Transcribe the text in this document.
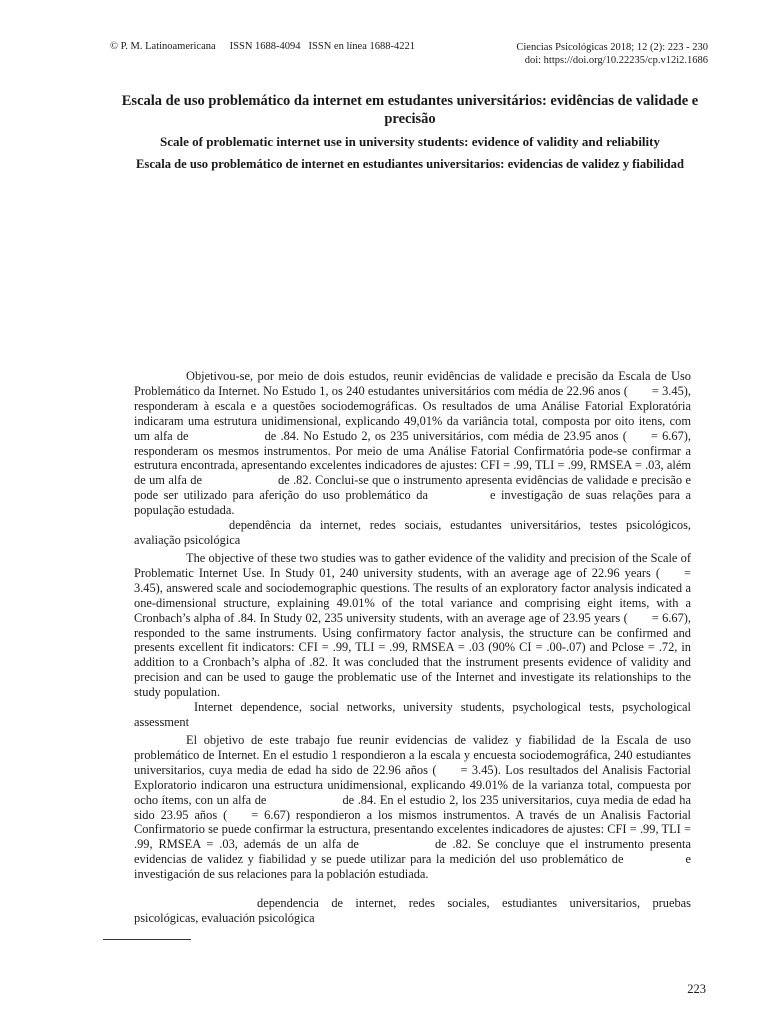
© P. M. Latinoamericana ISSN 1688-4094 ISSN en línea 1688-4221	Ciencias Psicológicas 2018; 12 (2): 223 - 230
doi: https://doi.org/10.22235/cp.v12i2.1686
Escala de uso problemático da internet em estudantes universitários: evidências de validade e precisão
Scale of problematic internet use in university students: evidence of validity and reliability
Escala de uso problemático de internet en estudiantes universitarios: evidencias de validez y fiabilidad

Objetivou-se, por meio de dois estudos, reunir evidências de validade e precisão da Escala de Uso Problemático da Internet. No Estudo 1, os 240 estudantes universitários com média de 22.96 anos ( = 3.45), responderam à escala e a questões sociodemográficas. Os resultados de uma Análise Fatorial Exploratória indicaram uma estrutura unidimensional, explicando 49,01% da variância total, composta por oito itens, com um alfa de	de .84. No Estudo 2, os 235 universitários, com média de 23.95 anos ( = 6.67), responderam os mesmos instrumentos. Por meio de uma Análise Fatorial Confirmatória pode-se confirmar a estrutura encontrada, apresentando excelentes indicadores de ajustes: CFI = .99, TLI = .99, RMSEA = .03, além de um alfa de	de .82. Conclui-se que o instrumento apresenta evidências de validade e precisão e pode ser utilizado para aferição do uso problemático da	e investigação de suas relações para a população estudada.

dependência da internet, redes sociais, estudantes universitários, testes psicológicos, avaliação psicológica

The objective of these two studies was to gather evidence of the validity and precision of the Scale of Problematic Internet Use. In Study 01, 240 university students, with an average age of 22.96 years ( = 3.45), answered scale and sociodemographic questions. The results of an exploratory factor analysis indicated a one-dimensional structure, explaining 49.01% of the total variance and comprising eight items, with a Cronbach’s alpha of .84. In Study 02, 235 university students, with an average age of 23.95 years ( = 6.67), responded to the same instruments. Using confirmatory factor analysis, the structure can be confirmed and presents excellent fit indicators: CFI = .99, TLI = .99, RMSEA = .03 (90% CI = .00-.07) and Pclose = .72, in addition to a Cronbach’s alpha of .82. It was concluded that the instrument presents evidence of validity and precision and can be used to gauge the problematic use of the Internet and investigate its relationships to the study population.

Internet dependence, social networks, university students, psychological tests, psychological assessment

El objetivo de este trabajo fue reunir evidencias de validez y fiabilidad de la Escala de uso problemático de Internet. En el estudio 1 respondieron a la escala y encuesta sociodemográfica, 240 estudiantes universitarios, cuya media de edad ha sido de 22.96 años ( = 3.45). Los resultados del Analisis Factorial Exploratorio indicaron una estructura unidimensional, explicando 49.01% de la varianza total, compuesta por ocho ítems, con un alfa de	de .84. En el estudio 2, los 235 universitarios, cuya media de edad ha sido 23.95 años ( = 6.67) respondieron a los mismos instrumentos. A través de un Analisis Factorial Confirmatorio se puede confirmar la estructura, presentando excelentes indicadores de ajustes: CFI = .99, TLI = .99, RMSEA = .03, además de un alfa de	de .82. Se concluye que el instrumento presenta evidencias de validez y fiabilidad y se puede utilizar para la medición del uso problemático de	e investigación de sus relaciones para la población estudiada.

dependencia de internet, redes sociales, estudiantes universitarios, pruebas psicológicas, evaluación psicológica

223
